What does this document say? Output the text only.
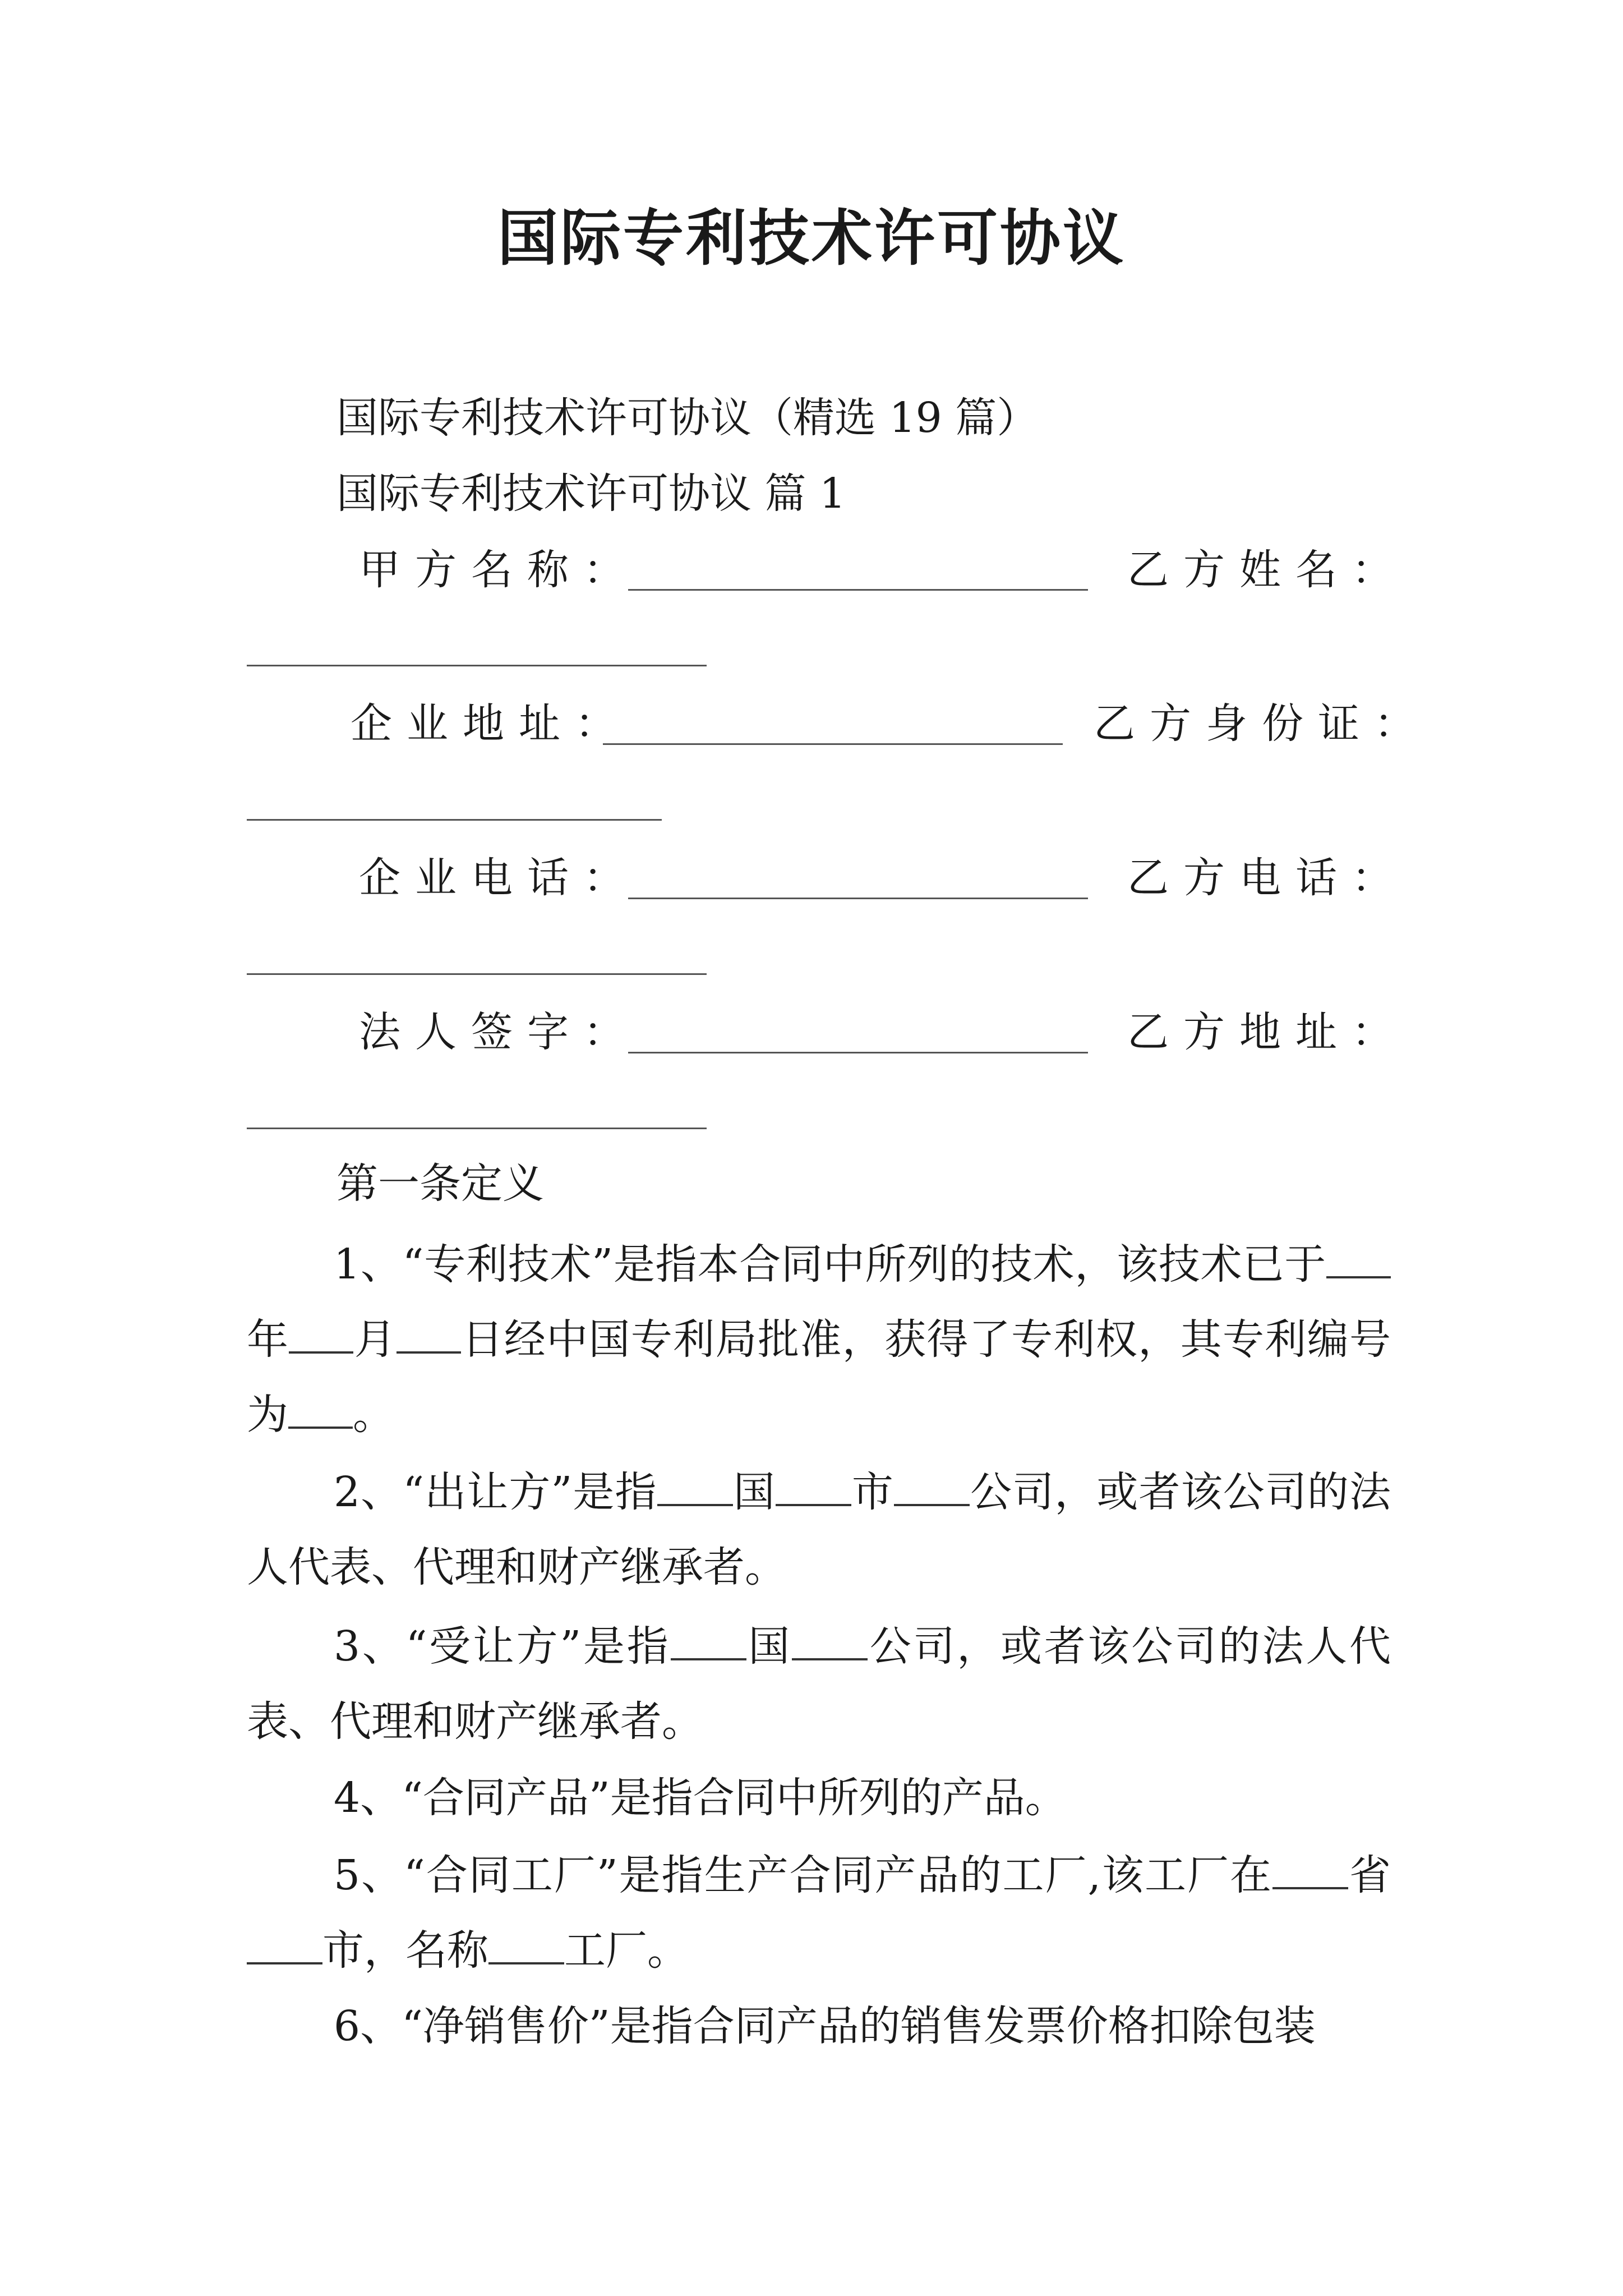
国际专利技术许可协议
国际专利技术许可协议（精选 19 篇）
国际专利技术许可协议 篇 1
甲方名称：	乙方姓名：
企业地址：	乙方身份证：
企业电话：	乙方电话：
法人签字：	乙方地址：
第一条定义
1、“专利技术”是指本合同中所列的技术，该技术已于年 月 日经中国专利局批准，获得了专利权，其专利编号为 。
2、“出让方”是指 国 市 公司，或者该公司的法人代表、代理和财产继承者。
3、“受让方”是指 国 公司，或者该公司的法人代表、代理和财产继承者。
4、“合同产品”是指合同中所列的产品。
5、“合同工厂”是指生产合同产品的工厂,该工厂在 省市，名称 工厂。
6、“净销售价”是指合同产品的销售发票价格扣除包装
